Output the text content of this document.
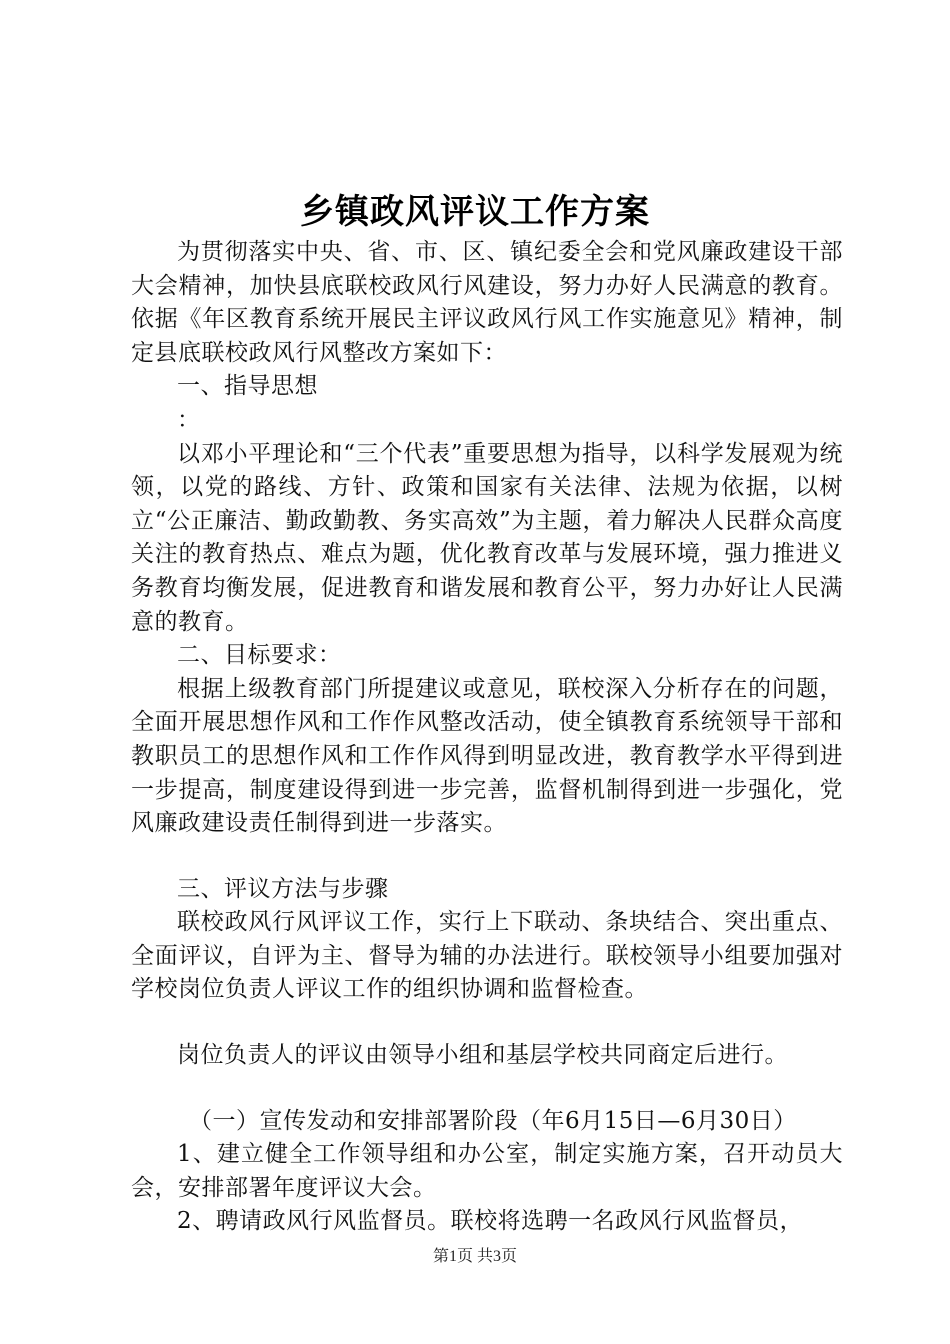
乡镇政风评议工作方案

为贯彻落实中央、省、市、区、镇纪委全会和党风廉政建设干部大会精神，加快县底联校政风行风建设，努力办好人民满意的教育。依据《年区教育系统开展民主评议政风行风工作实施意见》精神，制定县底联校政风行风整改方案如下：

一、指导思想

：

以邓小平理论和“三个代表”重要思想为指导，以科学发展观为统领，以党的路线、方针、政策和国家有关法律、法规为依据，以树立“公正廉洁、勤政勤教、务实高效”为主题，着力解决人民群众高度关注的教育热点、难点为题，优化教育改革与发展环境，强力推进义务教育均衡发展，促进教育和谐发展和教育公平，努力办好让人民满意的教育。

二、目标要求：

根据上级教育部门所提建议或意见，联校深入分析存在的问题，全面开展思想作风和工作作风整改活动，使全镇教育系统领导干部和教职员工的思想作风和工作作风得到明显改进，教育教学水平得到进一步提高，制度建设得到进一步完善，监督机制得到进一步强化，党风廉政建设责任制得到进一步落实。

三、评议方法与步骤

联校政风行风评议工作，实行上下联动、条块结合、突出重点、全面评议，自评为主、督导为辅的办法进行。联校领导小组要加强对学校岗位负责人评议工作的组织协调和监督检查。

岗位负责人的评议由领导小组和基层学校共同商定后进行。

（一）宣传发动和安排部署阶段（年6月15日—6月30日）

1、建立健全工作领导组和办公室，制定实施方案，召开动员大会，安排部署年度评议大会。

2、聘请政风行风监督员。联校将选聘一名政风行风监督员，

第1页 共3页
